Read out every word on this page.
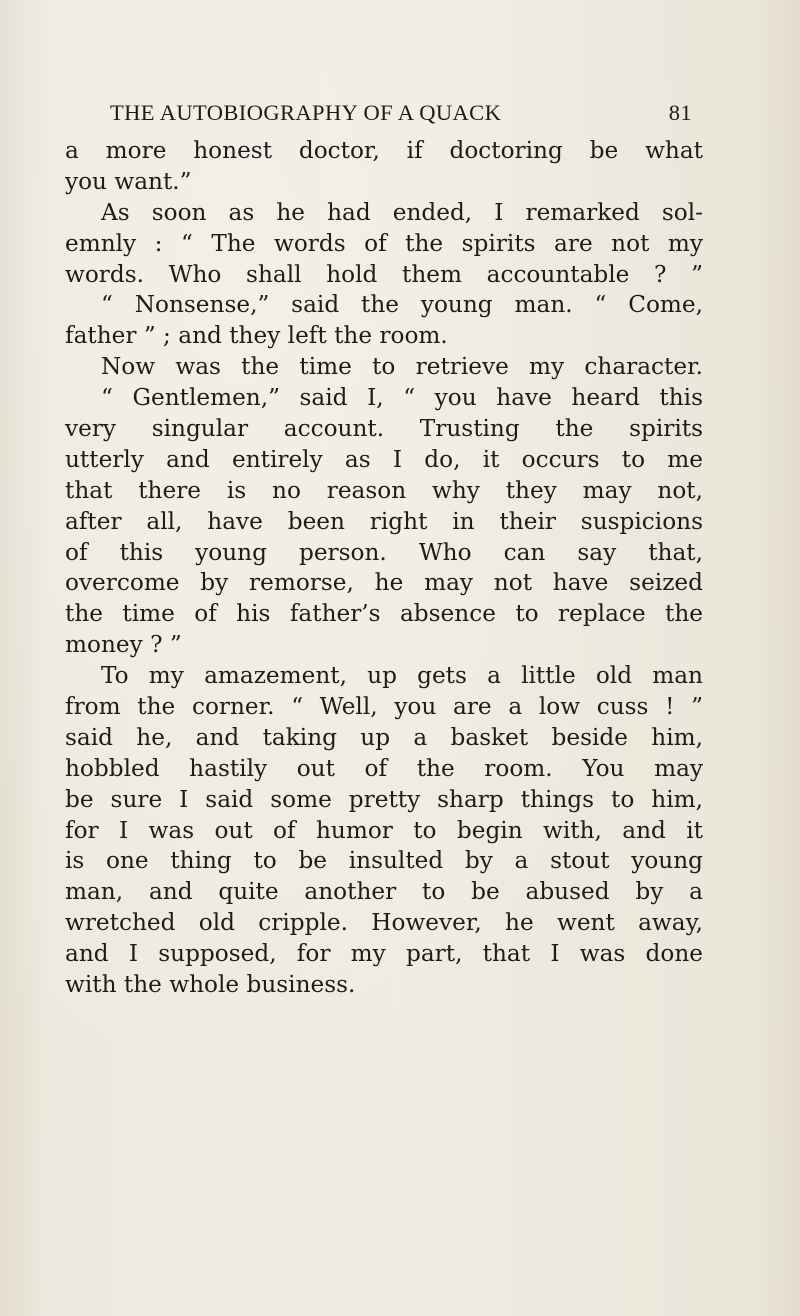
THE AUTOBIOGRAPHY OF A QUACK	81
a more honest doctor, if doctoring be what
you want.”
As soon as he had ended, I remarked sol-
emnly : “ The words of the spirits are not my
words. Who shall hold them accountable ? ”
“ Nonsense,” said the young man. “ Come,
father ” ; and they left the room.
Now was the time to retrieve my character.
“ Gentlemen,” said I, “ you have heard this
very singular account. Trusting the spirits
utterly and entirely as I do, it occurs to me
that there is no reason why they may not,
after all, have been right in their suspicions
of this young person. Who can say that,
overcome by remorse, he may not have seized
the time of his father’s absence to replace the
money ? ”
To my amazement, up gets a little old man
from the corner. “ Well, you are a low cuss ! ”
said he, and taking up a basket beside him,
hobbled hastily out of the room. You may
be sure I said some pretty sharp things to him,
for I was out of humor to begin with, and it
is one thing to be insulted by a stout young
man, and quite another to be abused by a
wretched old cripple. However, he went away,
and I supposed, for my part, that I was done
with the whole business.
